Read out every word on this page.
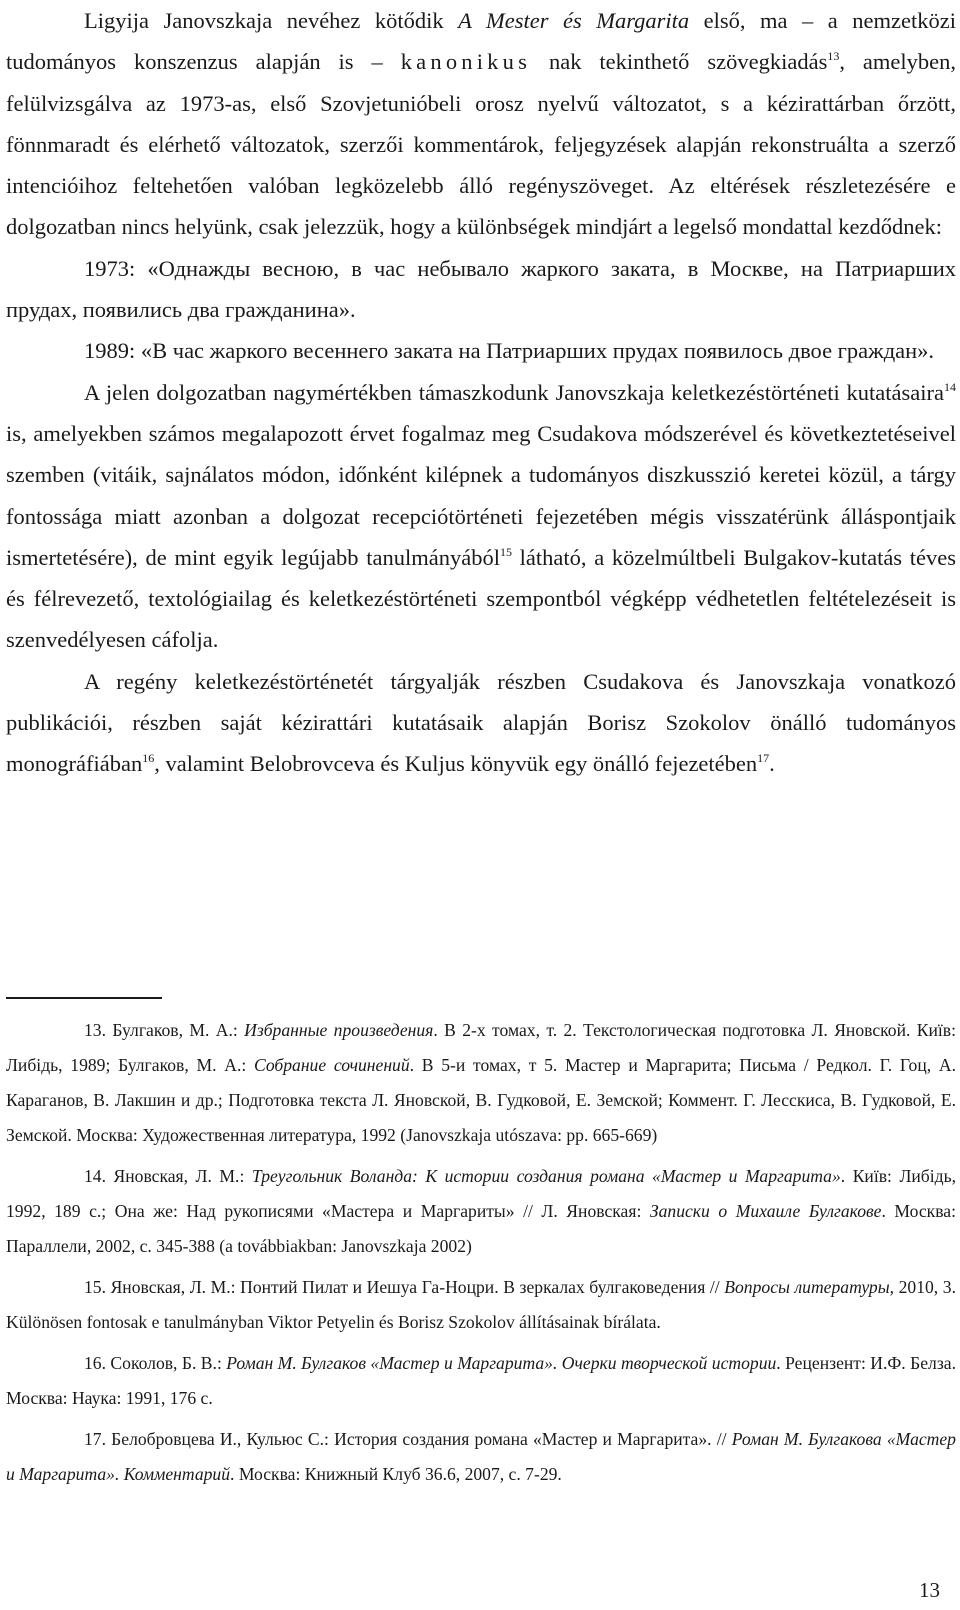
Ligyija Janovszkaja nevéhez kötődik A Mester és Margarita első, ma – a nemzetközi tudományos konszenzus alapján is – kanonikus nak tekinthető szövegkiadás$^{13}$, amelyben, felülvizsgálva az 1973-as, első Szovjetunióbeli orosz nyelvű változatot, s a kézirattárban őrzött, fönnmaradt és elérhető változatok, szerzői kommentárok, feljegyzések alapján rekonstruálta a szerző intencióihoz feltehetően valóban legközelebb álló regényszöveget. Az eltérések részletezésére e dolgozatban nincs helyünk, csak jelezzük, hogy a különbségek mindjárt a legelső mondattal kezdődnek:

1973: «Однажды весною, в час небывало жаркого заката, в Москве, на Патриарших прудах, появились два гражданина».

1989: «В час жаркого весеннего заката на Патриарших прудах появилось двое граждан».

A jelen dolgozatban nagymértékben támaszkodunk Janovszkaja keletkezéstörténeti kutatásaira$^{14}$ is, amelyekben számos megalapozott érvet fogalmaz meg Csudakova módszerével és következtetéseivel szemben (vitáik, sajnálatos módon, időnként kilépnek a tudományos diszkusszió keretei közül, a tárgy fontossága miatt azonban a dolgozat recepciótörténeti fejezetében mégis visszatérünk álláspontjaik ismertetésére), de mint egyik legújabb tanulmányából$^{15}$ látható, a közelmúltbeli Bulgakov-kutatás téves és félrevezető, textológiailag és keletkezéstörténeti szempontból végképp védhetetlen feltételezéseit is szenvedélyesen cáfolja.

A regény keletkezéstörténetét tárgyalják részben Csudakova és Janovszkaja vonatkozó publikációi, részben saját kézirattári kutatásaik alapján Borisz Szokolov önálló tudományos monográfiában$^{16}$, valamint Belobrovceva és Kuljus könyvük egy önálló fejezetében$^{17}$.

13. Булгаков, М. А.: Избранные произведения. В 2-х томах, т. 2. Текстологическая подготовка Л. Яновской. Київ: Либідь, 1989; Булгаков, М. А.: Собрание сочинений. В 5-и томах, т 5. Мастер и Маргарита; Письма / Редкол. Г. Гоц, А. Караганов, В. Лакшин и др.; Подготовка текста Л. Яновской, В. Гудковой, Е. Земской; Коммент. Г. Лесскиса, В. Гудковой, Е. Земской. Москва: Художественная литература, 1992 (Janovszkaja utószava: pp. 665-669)

14. Яновская, Л. М.: Треугольник Воланда: К истории создания романа «Мастер и Маргарита». Київ: Либідь, 1992, 189 с.; Она же: Над рукописями «Мастера и Маргариты» // Л. Яновская: Записки о Михаиле Булгакове. Москва: Параллели, 2002, с. 345-388 (a továbbiakban: Janovszkaja 2002)

15. Яновская, Л. М.: Понтий Пилат и Иешуа Га-Ноцри. В зеркалах булгаковедения // Вопросы литературы, 2010, 3. Különösen fontosak e tanulmányban Viktor Petyelin és Borisz Szokolov állításainak bírálata.

16. Соколов, Б. В.: Роман М. Булгаков «Мастер и Маргарита». Очерки творческой истории. Рецензент: И.Ф. Белза. Москва: Наука: 1991, 176 с.

17. Белобровцева И., Кульюс С.: История создания романа «Мастер и Маргарита». // Роман М. Булгакова «Мастер и Маргарита». Комментарий. Москва: Книжный Клуб 36.6, 2007, с. 7-29.

13
